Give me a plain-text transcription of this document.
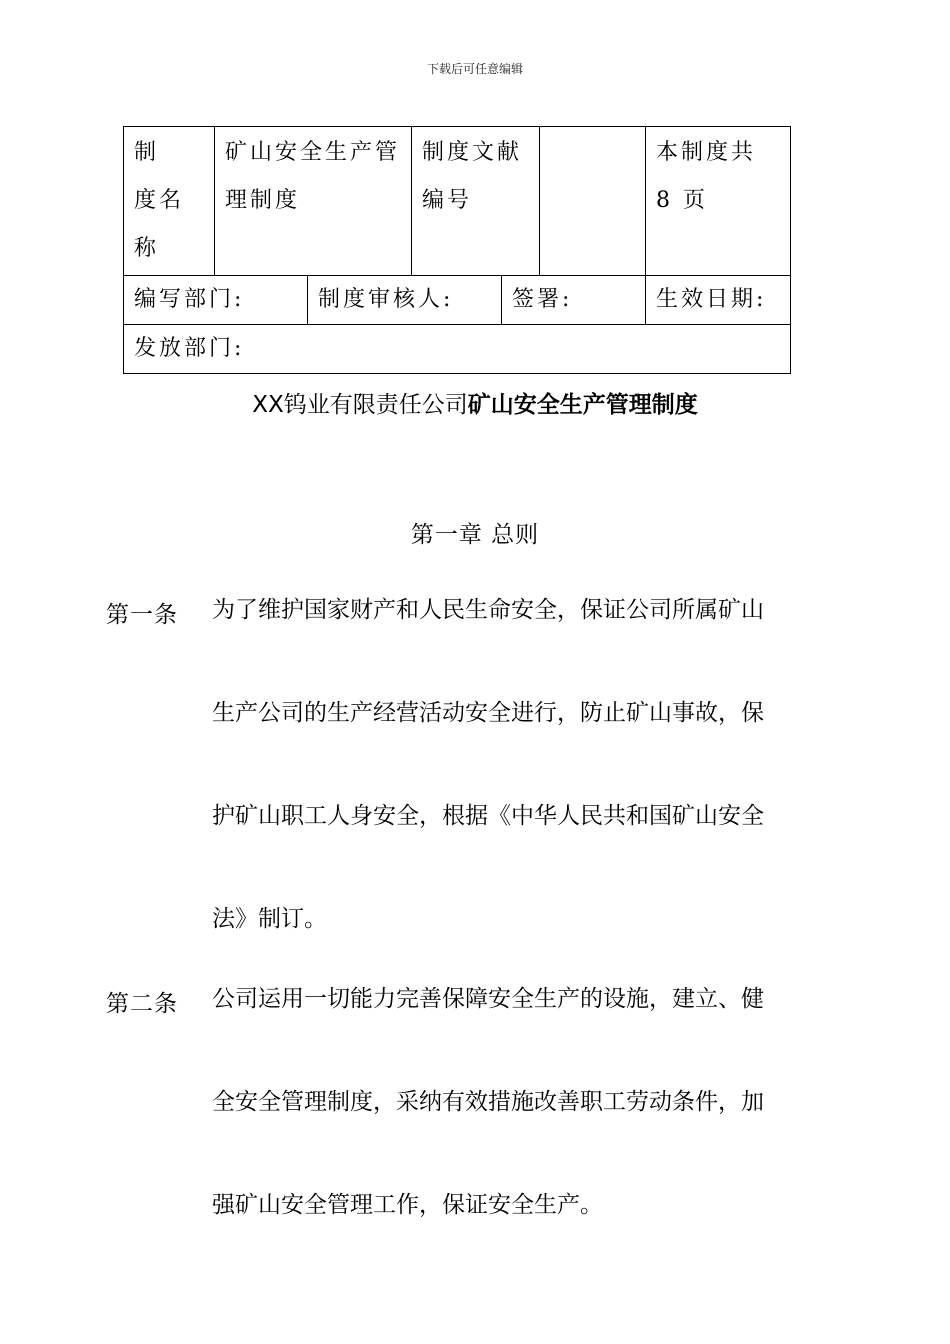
下载后可任意编辑
制　度名称	矿山安全生产管理制度		制度文献编号			本制度共 8 页
编写部门:		制度审核人:		签署:		生效日期:
发放部门:						
XX钨业有限责任公司矿山安全生产管理制度
第一章 总则
第一条 为了维护国家财产和人民生命安全，保证公司所属矿山
生产公司的生产经营活动安全进行，防止矿山事故，保
护矿山职工人身安全，根据《中华人民共和国矿山安全
法》制订。
第二条 公司运用一切能力完善保障安全生产的设施，建立、健
全安全管理制度，采纳有效措施改善职工劳动条件，加
强矿山安全管理工作，保证安全生产。
